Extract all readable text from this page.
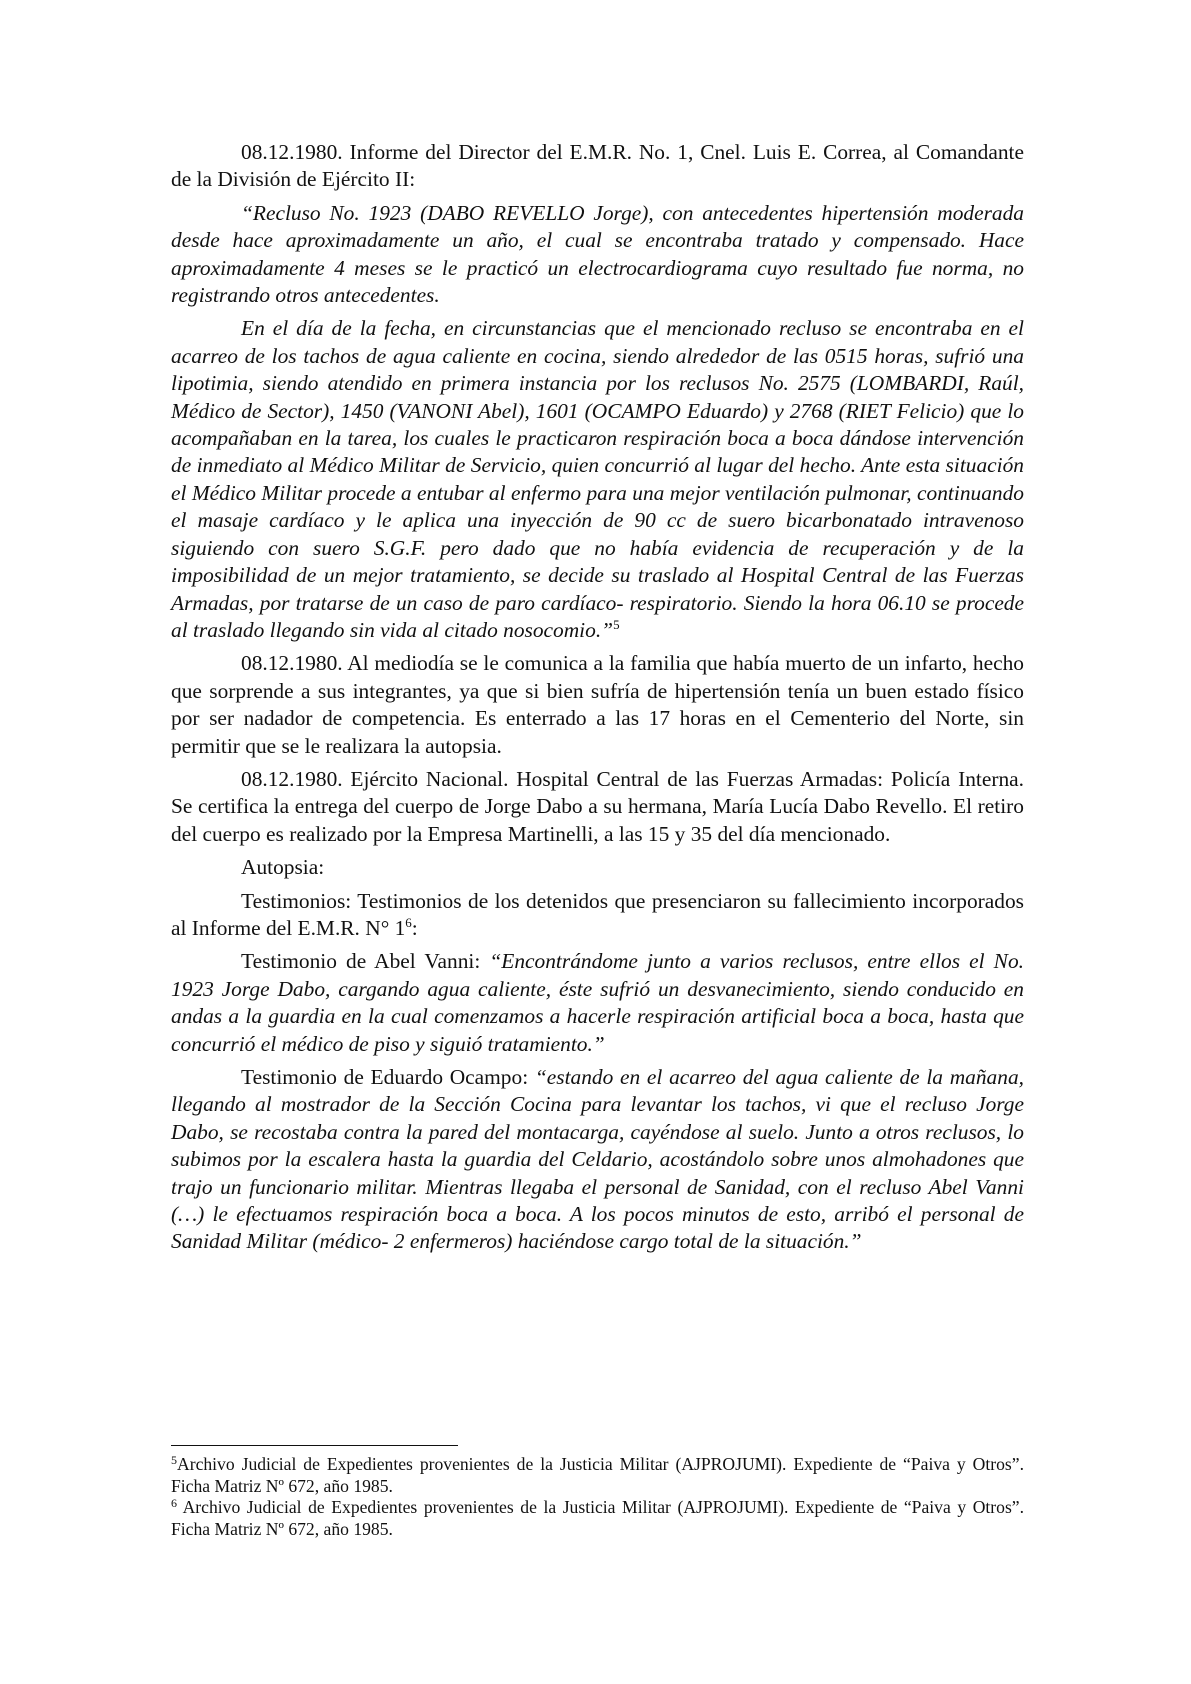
08.12.1980. Informe del Director del E.M.R. No. 1, Cnel. Luis E. Correa, al Comandante de la División de Ejército II:

“Recluso No. 1923 (DABO REVELLO Jorge), con antecedentes hipertensión moderada desde hace aproximadamente un año, el cual se encontraba tratado y compensado. Hace aproximadamente 4 meses se le practicó un electrocardiograma cuyo resultado fue norma, no registrando otros antecedentes.

En el día de la fecha, en circunstancias que el mencionado recluso se encontraba en el acarreo de los tachos de agua caliente en cocina, siendo alrededor de las 0515 horas, sufrió una lipotimia, siendo atendido en primera instancia por los reclusos No. 2575 (LOMBARDI, Raúl, Médico de Sector), 1450 (VANONI Abel), 1601 (OCAMPO Eduardo) y 2768 (RIET Felicio) que lo acompañaban en la tarea, los cuales le practicaron respiración boca a boca dándose intervención de inmediato al Médico Militar de Servicio, quien concurrió al lugar del hecho. Ante esta situación el Médico Militar procede a entubar al enfermo para una mejor ventilación pulmonar, continuando el masaje cardíaco y le aplica una inyección de 90 cc de suero bicarbonatado intravenoso siguiendo con suero S.G.F. pero dado que no había evidencia de recuperación y de la imposibilidad de un mejor tratamiento, se decide su traslado al Hospital Central de las Fuerzas Armadas, por tratarse de un caso de paro cardíaco- respiratorio. Siendo la hora 06.10 se procede al traslado llegando sin vida al citado nosocomio.”$^5$

08.12.1980. Al mediodía se le comunica a la familia que había muerto de un infarto, hecho que sorprende a sus integrantes, ya que si bien sufría de hipertensión tenía un buen estado físico por ser nadador de competencia. Es enterrado a las 17 horas en el Cementerio del Norte, sin permitir que se le realizara la autopsia.

08.12.1980. Ejército Nacional. Hospital Central de las Fuerzas Armadas: Policía Interna. Se certifica la entrega del cuerpo de Jorge Dabo a su hermana, María Lucía Dabo Revello. El retiro del cuerpo es realizado por la Empresa Martinelli, a las 15 y 35 del día mencionado.

Autopsia:

Testimonios: Testimonios de los detenidos que presenciaron su fallecimiento incorporados al Informe del E.M.R. N° $1^6$:

Testimonio de Abel Vanni: “Encontrándome junto a varios reclusos, entre ellos el No. 1923 Jorge Dabo, cargando agua caliente, éste sufrió un desvanecimiento, siendo conducido en andas a la guardia en la cual comenzamos a hacerle respiración artificial boca a boca, hasta que concurrió el médico de piso y siguió tratamiento.”

Testimonio de Eduardo Ocampo: “estando en el acarreo del agua caliente de la mañana, llegando al mostrador de la Sección Cocina para levantar los tachos, vi que el recluso Jorge Dabo, se recostaba contra la pared del montacarga, cayéndose al suelo. Junto a otros reclusos, lo subimos por la escalera hasta la guardia del Celdario, acostándolo sobre unos almohadones que trajo un funcionario militar. Mientras llegaba el personal de Sanidad, con el recluso Abel Vanni (…) le efectuamos respiración boca a boca. A los pocos minutos de esto, arribó el personal de Sanidad Militar (médico- 2 enfermeros) haciéndose cargo total de la situación.”

$^5$Archivo Judicial de Expedientes provenientes de la Justicia Militar (AJPROJUMI). Expediente de “Paiva y Otros”. Ficha Matriz Nº 672, año 1985.

$^6$ Archivo Judicial de Expedientes provenientes de la Justicia Militar (AJPROJUMI). Expediente de “Paiva y Otros”. Ficha Matriz Nº 672, año 1985.
